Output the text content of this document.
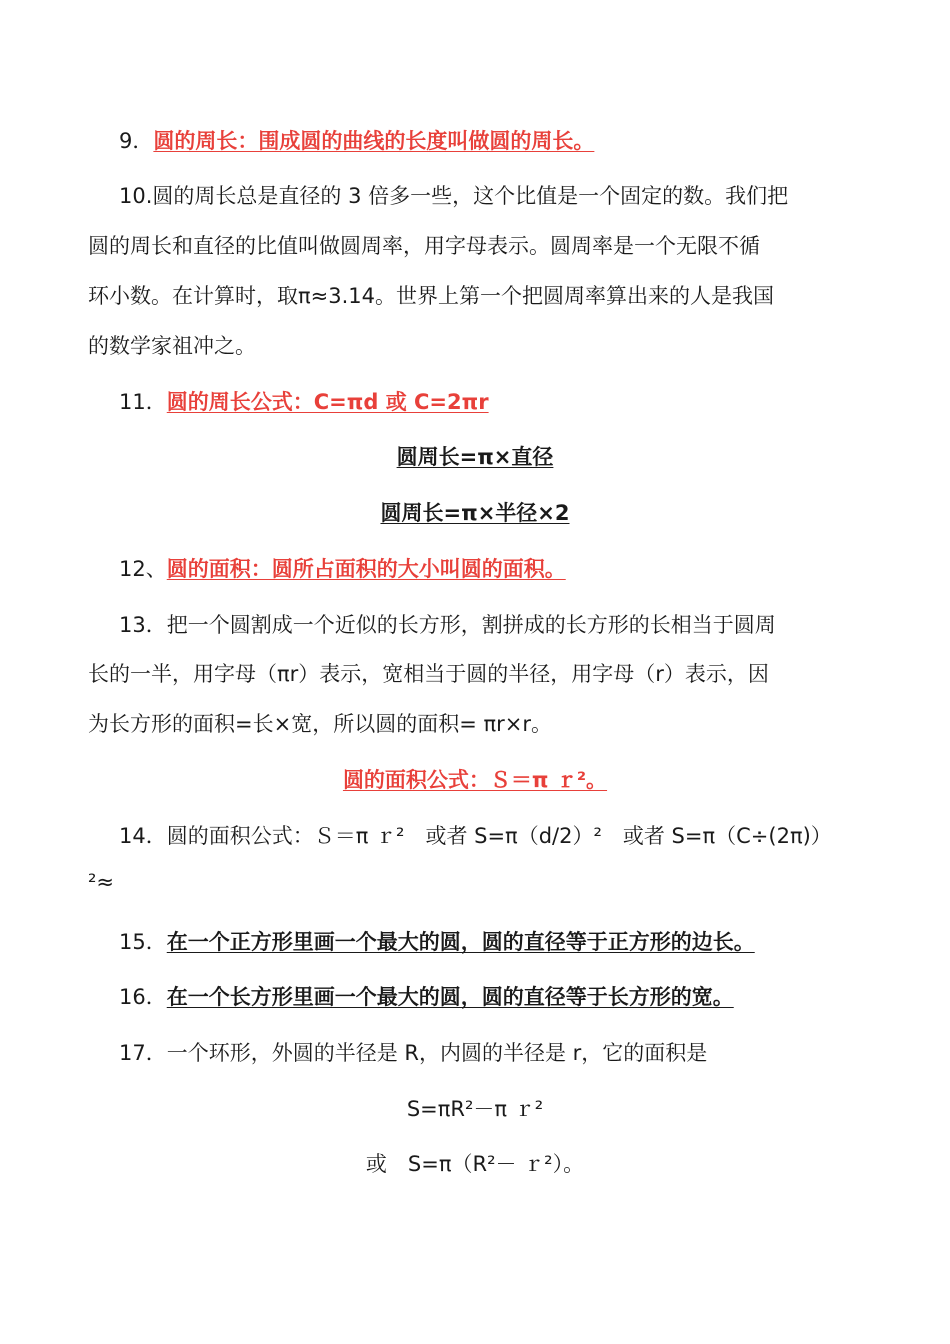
9．圆的周长：围成圆的曲线的长度叫做圆的周长。
10.圆的周长总是直径的 3 倍多一些，这个比值是一个固定的数。我们把
圆的周长和直径的比值叫做圆周率，用字母表示。圆周率是一个无限不循
环小数。在计算时，取π≈3.14。世界上第一个把圆周率算出来的人是我国
的数学家祖冲之。
11．圆的周长公式：C=πd 或 C=2πr
圆周长=π×直径
圆周长=π×半径×2
12、圆的面积：圆所占面积的大小叫圆的面积。
13．把一个圆割成一个近似的长方形，割拼成的长方形的长相当于圆周
长的一半，用字母（πr）表示，宽相当于圆的半径，用字母（r）表示，因
为长方形的面积=长×宽，所以圆的面积= πr×r。
圆的面积公式：Ｓ＝π ｒ²。
14．圆的面积公式：Ｓ＝π ｒ²　或者 S=π（d/2）²　或者 S=π（C÷(2π)）
²≈
15．在一个正方形里画一个最大的圆，圆的直径等于正方形的边长。
16．在一个长方形里画一个最大的圆，圆的直径等于长方形的宽。
17．一个环形，外圆的半径是 R，内圆的半径是 r，它的面积是
S=πR²－π ｒ²
或　S=π（R²－ ｒ²）。
